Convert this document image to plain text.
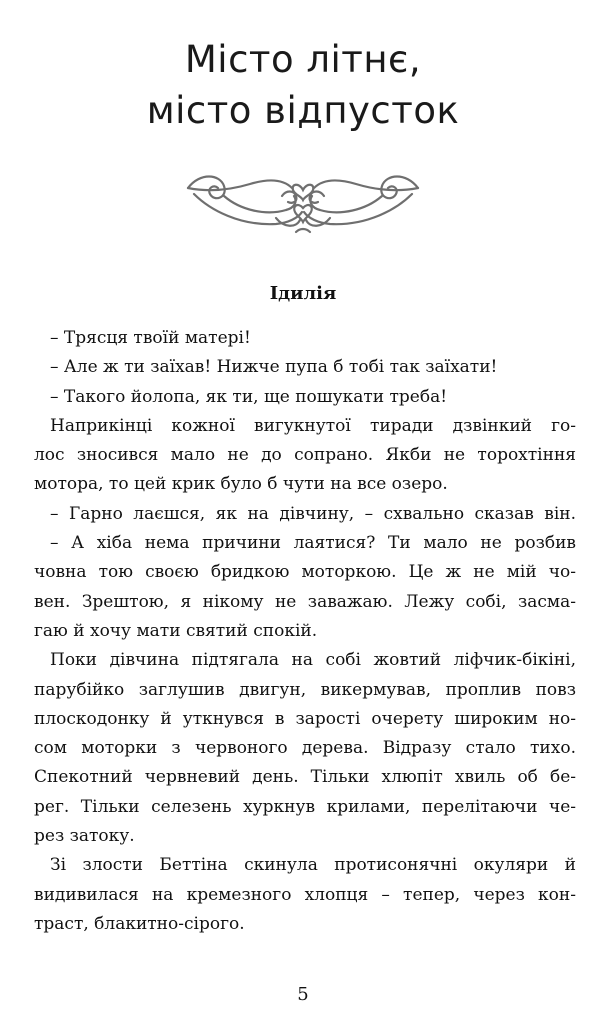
Місто літнє,
місто відпусток
Ідилія
– Трясця твоїй матері!
– Але ж ти заїхав! Нижче пупа б тобі так заїхати!
– Такого йолопа, як ти, ще пошукати треба!
Наприкінці кожної вигукнутої тиради дзвінкий го-
лос зносився мало не до сопрано. Якби не торохтіння
мотора, то цей крик було б чути на все озеро.
– Гарно лаєшся, як на дівчину, – схвально сказав він.
– А хіба нема причини лаятися? Ти мало не розбив
човна тою своєю бридкою моторкою. Це ж не мій чо-
вен. Зрештою, я нікому не заважаю. Лежу собі, засма-
гаю й хочу мати святий спокій.
Поки дівчина підтягала на собі жовтий ліфчик-бікіні,
парубійко заглушив двигун, викермував, проплив повз
плоскодонку й уткнувся в зарості очерету широким но-
сом моторки з червоного дерева. Відразу стало тихо.
Спекотний червневий день. Тільки хлюпіт хвиль об бе-
рег. Тільки селезень хуркнув крилами, перелітаючи че-
рез затоку.
Зі злости Беттіна скинула протисонячні окуляри й
видивилася на кремезного хлопця – тепер, через кон-
траст, блакитно-сірого.
5
